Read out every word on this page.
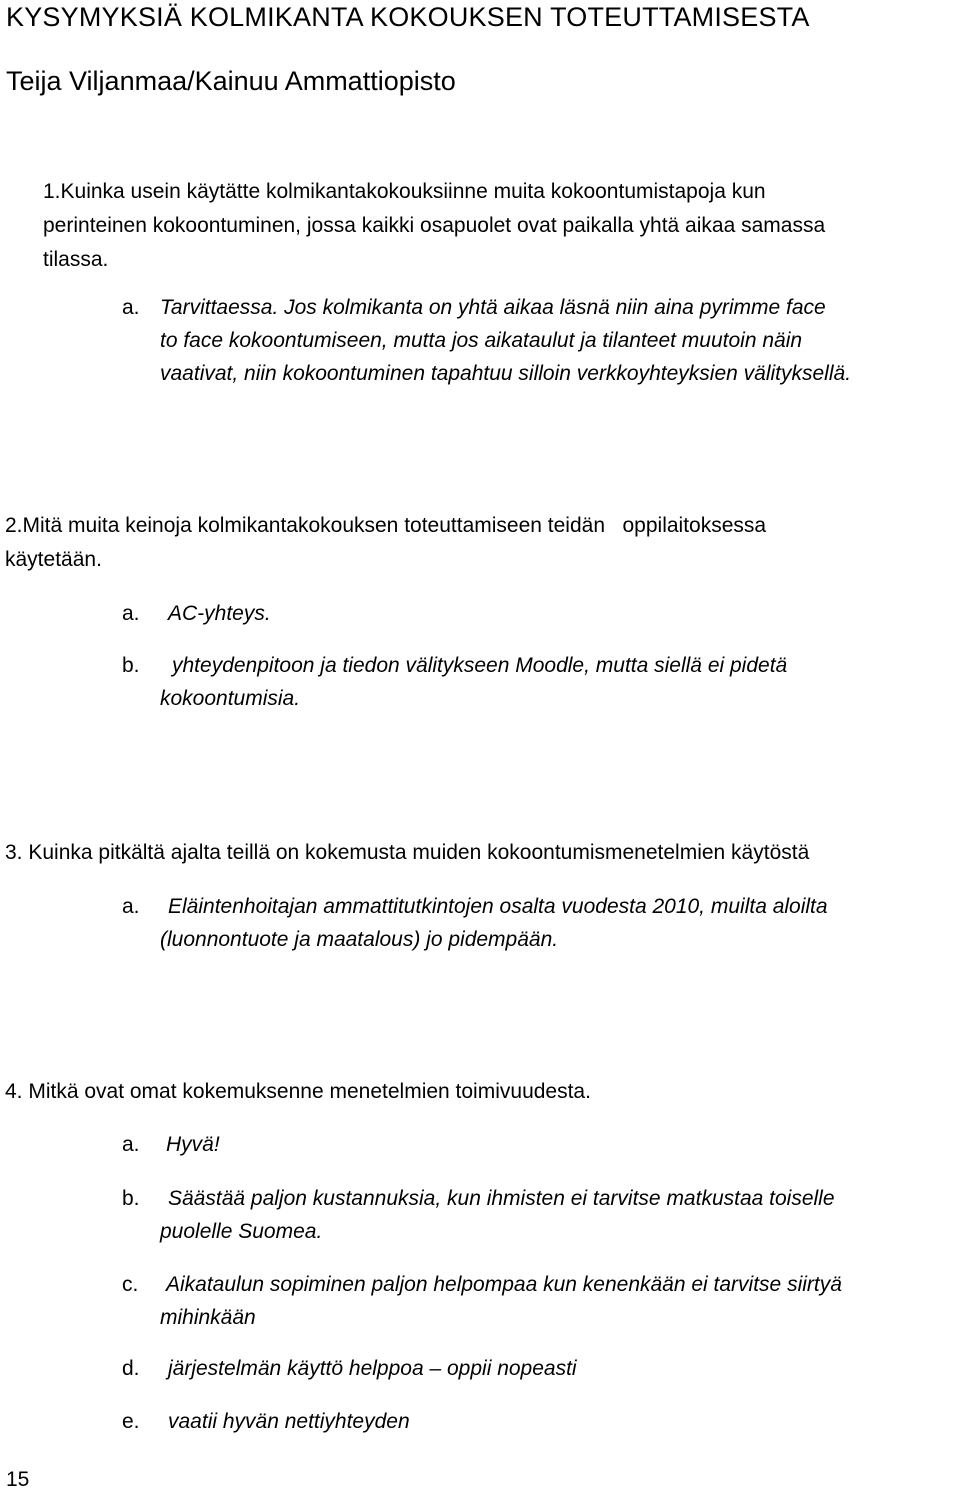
KYSYMYKSIÄ KOLMIKANTA KOKOUKSEN TOTEUTTAMISESTA
Teija Viljanmaa/Kainuu Ammattiopisto
1.Kuinka usein käytätte kolmikantakokouksiinne muita kokoontumistapoja kun
perinteinen kokoontuminen, jossa kaikki osapuolet ovat paikalla yhtä aikaa samassa
tilassa.
a. Tarvittaessa. Jos kolmikanta on yhtä aikaa läsnä niin aina pyrimme face
to face kokoontumiseen, mutta jos aikataulut ja tilanteet muutoin näin
vaativat, niin kokoontuminen tapahtuu silloin verkkoyhteyksien välityksellä.
2.Mitä muita keinoja kolmikantakokouksen toteuttamiseen teidän   oppilaitoksessa
käytetään.
a. AC-yhteys.
b. yhteydenpitoon ja tiedon välitykseen Moodle, mutta siellä ei pidetä
kokoontumisia.
3. Kuinka pitkältä ajalta teillä on kokemusta muiden kokoontumismenetelmien käytöstä
a. Eläintenhoitajan ammattitutkintojen osalta vuodesta 2010, muilta aloilta
(luonnontuote ja maatalous) jo pidempään.
4. Mitkä ovat omat kokemuksenne menetelmien toimivuudesta.
a. Hyvä!
b. Säästää paljon kustannuksia, kun ihmisten ei tarvitse matkustaa toiselle
puolelle Suomea.
c. Aikataulun sopiminen paljon helpompaa kun kenenkään ei tarvitse siirtyä
mihinkään
d. järjestelmän käyttö helppoa – oppii nopeasti
e. vaatii hyvän nettiyhteyden
15
